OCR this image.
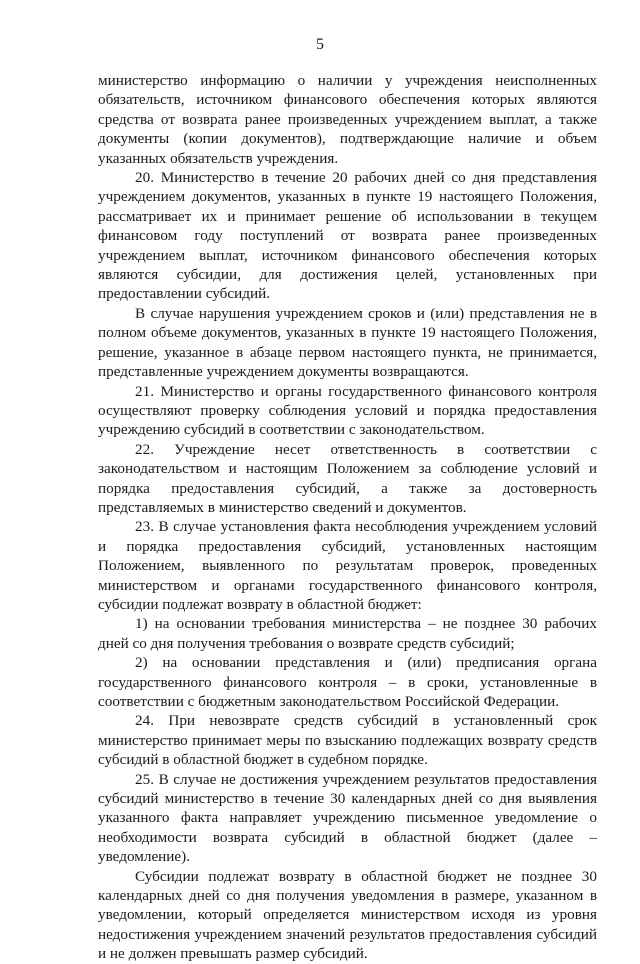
5

министерство информацию о наличии у учреждения неисполненных обязательств, источником финансового обеспечения которых являются средства от возврата ранее произведенных учреждением выплат, а также документы (копии документов), подтверждающие наличие и объем указанных обязательств учреждения.

20. Министерство в течение 20 рабочих дней со дня представления учреждением документов, указанных в пункте 19 настоящего Положения, рассматривает их и принимает решение об использовании в текущем финансовом году поступлений от возврата ранее произведенных учреждением выплат, источником финансового обеспечения которых являются субсидии, для достижения целей, установленных при предоставлении субсидий.

В случае нарушения учреждением сроков и (или) представления не в полном объеме документов, указанных в пункте 19 настоящего Положения, решение, указанное в абзаце первом настоящего пункта, не принимается, представленные учреждением документы возвращаются.

21. Министерство и органы государственного финансового контроля осуществляют проверку соблюдения условий и порядка предоставления учреждению субсидий в соответствии с законодательством.

22. Учреждение несет ответственность в соответствии с законодательством и настоящим Положением за соблюдение условий и порядка предоставления субсидий, а также за достоверность представляемых в министерство сведений и документов.

23. В случае установления факта несоблюдения учреждением условий и порядка предоставления субсидий, установленных настоящим Положением, выявленного по результатам проверок, проведенных министерством и органами государственного финансового контроля, субсидии подлежат возврату в областной бюджет:

1) на основании требования министерства – не позднее 30 рабочих дней со дня получения требования о возврате средств субсидий;

2) на основании представления и (или) предписания органа государственного финансового контроля – в сроки, установленные в соответствии с бюджетным законодательством Российской Федерации.

24. При невозврате средств субсидий в установленный срок министерство принимает меры по взысканию подлежащих возврату средств субсидий в областной бюджет в судебном порядке.

25. В случае не достижения учреждением результатов предоставления субсидий министерство в течение 30 календарных дней со дня выявления указанного факта направляет учреждению письменное уведомление о необходимости возврата субсидий в областной бюджет (далее – уведомление).

Субсидии подлежат возврату в областной бюджет не позднее 30 календарных дней со дня получения уведомления в размере, указанном в уведомлении, который определяется министерством исходя из уровня недостижения учреждением значений результатов предоставления субсидий и не должен превышать размер субсидий.
